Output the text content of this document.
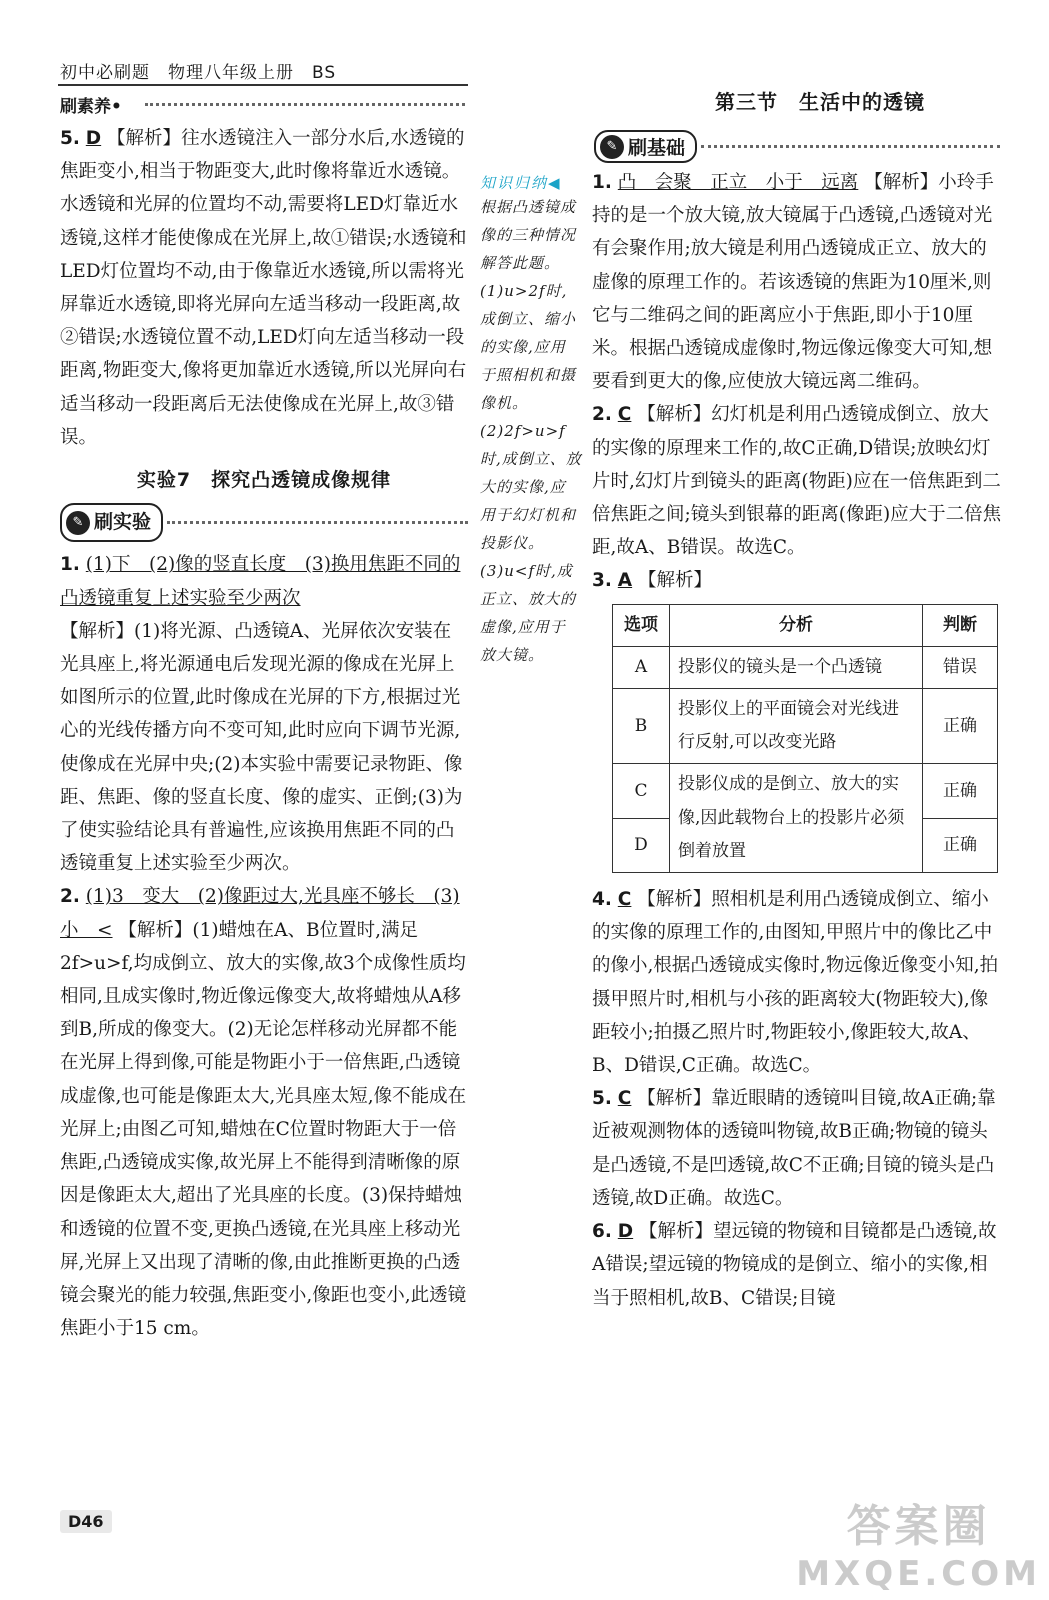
初中必刷题　物理八年级上册　BS
刷素养•

5. D 【解析】往水透镜注入一部分水后,水透镜的焦距变小,相当于物距变大,此时像将靠近水透镜。水透镜和光屏的位置均不动,需要将LED灯靠近水透镜,这样才能使像成在光屏上,故①错误;水透镜和LED灯位置均不动,由于像靠近水透镜,所以需将光屏靠近水透镜,即将光屏向左适当移动一段距离,故②错误;水透镜位置不动,LED灯向左适当移动一段距离,物距变大,像将更加靠近水透镜,所以光屏向右适当移动一段距离后无法使像成在光屏上,故③错误。

实验7　探究凸透镜成像规律

✎ 刷实验

1. (1)下　(2)像的竖直长度　(3)换用焦距不同的凸透镜重复上述实验至少两次
【解析】(1)将光源、凸透镜A、光屏依次安装在光具座上,将光源通电后发现光源的像成在光屏上如图所示的位置,此时像成在光屏的下方,根据过光心的光线传播方向不变可知,此时应向下调节光源,使像成在光屏中央;(2)本实验中需要记录物距、像距、焦距、像的竖直长度、像的虚实、正倒;(3)为了使实验结论具有普遍性,应该换用焦距不同的凸透镜重复上述实验至少两次。

2. (1)3　变大　(2)像距过大,光具座不够长　(3)小　< 【解析】(1)蜡烛在A、B位置时,满足2f>u>f,均成倒立、放大的实像,故3个成像性质均相同,且成实像时,物近像远像变大,故将蜡烛从A移到B,所成的像变大。(2)无论怎样移动光屏都不能在光屏上得到像,可能是物距小于一倍焦距,凸透镜成虚像,也可能是像距太大,光具座太短,像不能成在光屏上;由图乙可知,蜡烛在C位置时物距大于一倍焦距,凸透镜成实像,故光屏上不能得到清晰像的原因是像距太大,超出了光具座的长度。(3)保持蜡烛和透镜的位置不变,更换凸透镜,在光具座上移动光屏,光屏上又出现了清晰的像,由此推断更换的凸透镜会聚光的能力较强,焦距变小,像距也变小,此透镜焦距小于15 cm。

知识归纳◀
根据凸透镜成
像的三种情况
解答此题。
(1)u>2f时,
成倒立、缩小
的实像,应用
于照相机和摄
像机。
(2)2f>u>f
时,成倒立、放
大的实像,应
用于幻灯机和
投影仪。
(3)u<f时,成
正立、放大的
虚像,应用于
放大镜。
第三节　生活中的透镜
✎ 刷基础

1. 凸　会聚　正立　小于　远离 【解析】小玲手持的是一个放大镜,放大镜属于凸透镜,凸透镜对光有会聚作用;放大镜是利用凸透镜成正立、放大的虚像的原理工作的。若该透镜的焦距为10厘米,则它与二维码之间的距离应小于焦距,即小于10厘米。根据凸透镜成虚像时,物远像远像变大可知,想要看到更大的像,应使放大镜远离二维码。

2. C 【解析】幻灯机是利用凸透镜成倒立、放大的实像的原理来工作的,故C正确,D错误;放映幻灯片时,幻灯片到镜头的距离(物距)应在一倍焦距到二倍焦距之间;镜头到银幕的距离(像距)应大于二倍焦距,故A、B错误。故选C。

3. A 【解析】

选项	分析	判断
A	投影仪的镜头是一个凸透镜	错误
B	投影仪上的平面镜会对光线进行反射,可以改变光路	正确
C	投影仪成的是倒立、放大的实像,因此载物台上的投影片必须倒着放置	正确
D		正确

4. C 【解析】照相机是利用凸透镜成倒立、缩小的实像的原理工作的,由图知,甲照片中的像比乙中的像小,根据凸透镜成实像时,物远像近像变小知,拍摄甲照片时,相机与小孩的距离较大(物距较大),像距较小;拍摄乙照片时,物距较小,像距较大,故A、B、D错误,C正确。故选C。

5. C 【解析】靠近眼睛的透镜叫目镜,故A正确;靠近被观测物体的透镜叫物镜,故B正确;物镜的镜头是凸透镜,不是凹透镜,故C不正确;目镜的镜头是凸透镜,故D正确。故选C。

6. D 【解析】望远镜的物镜和目镜都是凸透镜,故A错误;望远镜的物镜成的是倒立、缩小的实像,相当于照相机,故B、C错误;目镜

D46	答案圈
MXQE.COM
